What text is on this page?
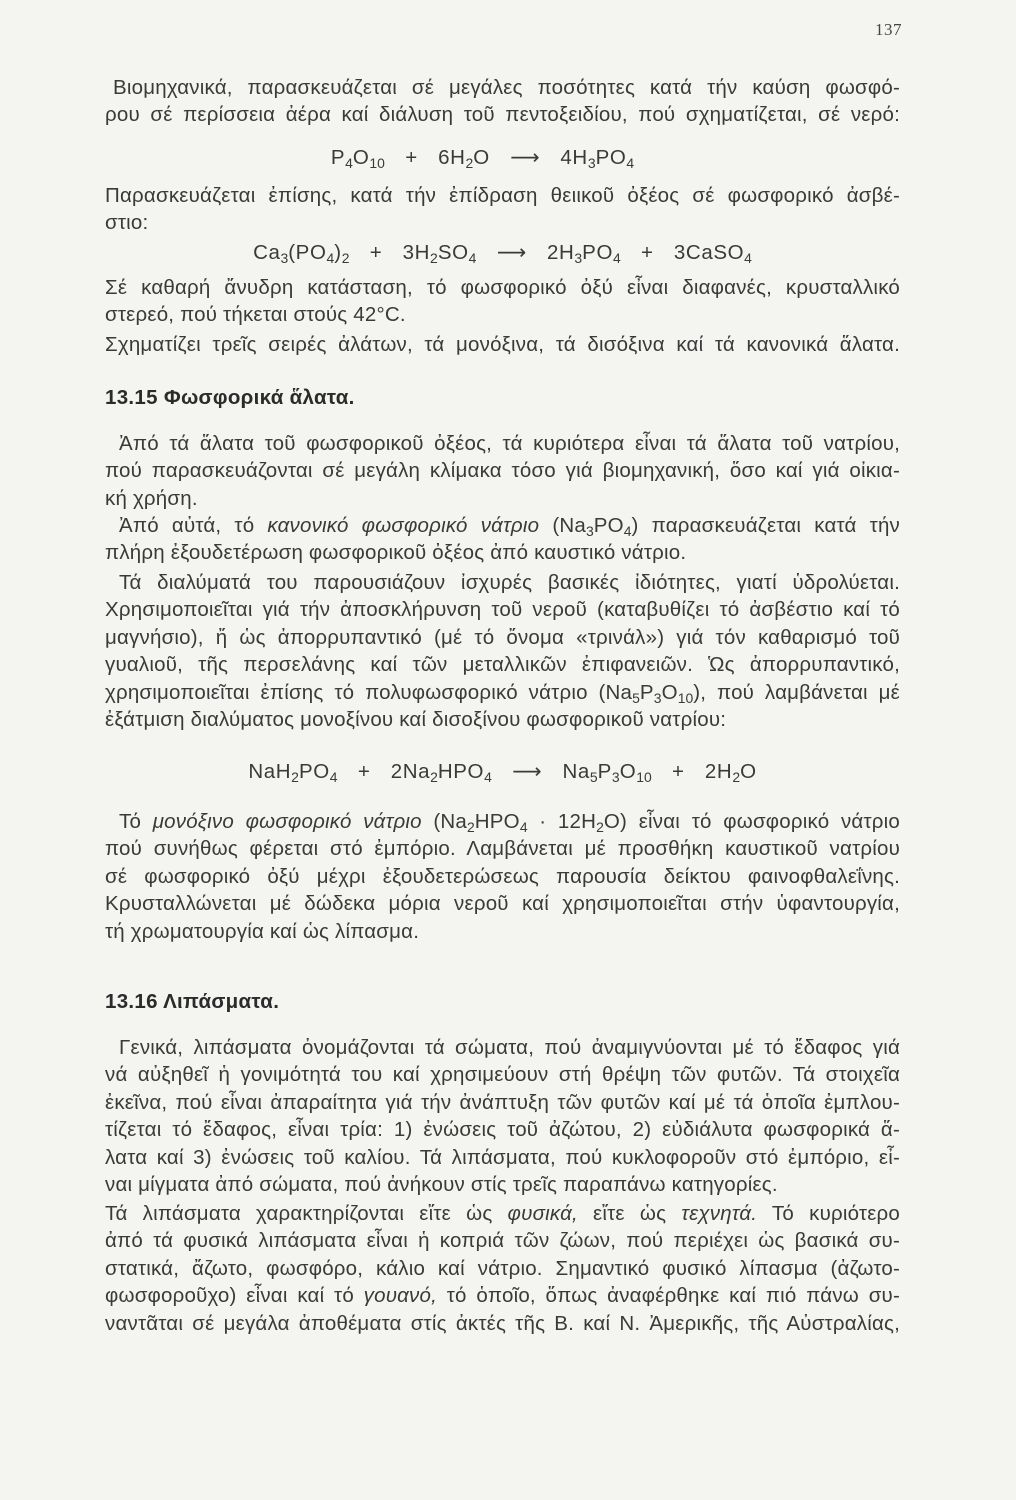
137
Βιομηχανικά, παρασκευάζεται σέ μεγάλες ποσότητες κατά τήν καύση φωσφό-
ρου σέ περίσσεια ἀέρα καί διάλυση τοῦ πεντοξειδίου, πού σχηματίζεται, σέ νερό:
$P_4O_{10} + 6H_2O$ ⟶ $4H_3PO_4$
Παρασκευάζεται ἐπίσης, κατά τήν ἐπίδραση θειικοῦ ὀξέος σέ φωσφορικό ἀσβέ-
στιο:
$Ca_3(PO_4)_2 + 3H_2SO_4$ ⟶ $2H_3PO_4$ + 3CaSO$_4$
Σέ καθαρή ἄνυδρη κατάσταση, τό φωσφορικό ὀξύ εἶναι διαφανές, κρυσταλλικό
στερεό, πού τήκεται στούς 42°C.
Σχηματίζει τρεῖς σειρές ἀλάτων, τά μονόξινα, τά δισόξινα καί τά κανονικά ἅλατα.
13.15 Φωσφορικά ἅλατα.
Ἀπό τά ἅλατα τοῦ φωσφορικοῦ ὀξέος, τά κυριότερα εἶναι τά ἅλατα τοῦ νατρίου,
πού παρασκευάζονται σέ μεγάλη κλίμακα τόσο γιά βιομηχανική, ὅσο καί γιά οἰκια-
κή χρήση.
Ἀπό αὐτά, τό κανονικό φωσφορικό νάτριο $(Na_3PO_4)$ παρασκευάζεται κατά τήν
πλήρη ἐξουδετέρωση φωσφορικοῦ ὀξέος ἀπό καυστικό νάτριο.
Τά διαλύματά του παρουσιάζουν ἰσχυρές βασικές ἰδιότητες, γιατί ὑδρολύεται.
Χρησιμοποιεῖται γιά τήν ἀποσκλήρυνση τοῦ νεροῦ (καταβυθίζει τό ἀσβέστιο καί τό
μαγνήσιο), ἤ ὡς ἀπορρυπαντικό (μέ τό ὄνομα «τρινάλ») γιά τόν καθαρισμό τοῦ
γυαλιοῦ, τῆς περσελάνης καί τῶν μεταλλικῶν ἐπιφανειῶν. Ὡς ἀπορρυπαντικό,
χρησιμοποιεῖται ἐπίσης τό πολυφωσφορικό νάτριο $(Na_5P_3O_{10})$, πού λαμβάνεται μέ
ἐξάτμιση διαλύματος μονοξίνου καί δισοξίνου φωσφορικοῦ νατρίου:
$NaH_2PO_4 + 2Na_2HPO_4$ ⟶ $Na_5P_3O_{10} + 2H_2O$
Τό μονόξινο φωσφορικό νάτριο $(Na_2HPO_4 \cdot 12H_2O)$ εἶναι τό φωσφορικό νάτριο
πού συνήθως φέρεται στό ἐμπόριο. Λαμβάνεται μέ προσθήκη καυστικοῦ νατρίου
σέ φωσφορικό ὀξύ μέχρι ἐξουδετερώσεως παρουσία δείκτου φαινοφθαλεΐνης.
Κρυσταλλώνεται μέ δώδεκα μόρια νεροῦ καί χρησιμοποιεῖται στήν ὑφαντουργία,
τή χρωματουργία καί ὡς λίπασμα.
13.16 Λιπάσματα.
Γενικά, λιπάσματα ὀνομάζονται τά σώματα, πού ἀναμιγνύονται μέ τό ἔδαφος γιά
νά αὐξηθεῖ ἡ γονιμότητά του καί χρησιμεύουν στή θρέψη τῶν φυτῶν. Τά στοιχεῖα
ἐκεῖνα, πού εἶναι ἀπαραίτητα γιά τήν ἀνάπτυξη τῶν φυτῶν καί μέ τά ὁποῖα ἐμπλου-
τίζεται τό ἔδαφος, εἶναι τρία: 1) ἐνώσεις τοῦ ἀζώτου, 2) εὐδιάλυτα φωσφορικά ἅ-
λατα καί 3) ἐνώσεις τοῦ καλίου. Τά λιπάσματα, πού κυκλοφοροῦν στό ἐμπόριο, εἶ-
ναι μίγματα ἀπό σώματα, πού ἀνήκουν στίς τρεῖς παραπάνω κατηγορίες.
Τά λιπάσματα χαρακτηρίζονται εἴτε ὡς φυσικά, εἴτε ὡς τεχνητά. Τό κυριότερο
ἀπό τά φυσικά λιπάσματα εἶναι ἡ κοπριά τῶν ζώων, πού περιέχει ὡς βασικά συ-
στατικά, ἄζωτο, φωσφόρο, κάλιο καί νάτριο. Σημαντικό φυσικό λίπασμα (ἀζωτο-
φωσφοροῦχο) εἶναι καί τό γουανό, τό ὁποῖο, ὅπως ἀναφέρθηκε καί πιό πάνω συ-
ναντᾶται σέ μεγάλα ἀποθέματα στίς ἀκτές τῆς Β. καί Ν. Ἀμερικῆς, τῆς Αὐστραλίας,
